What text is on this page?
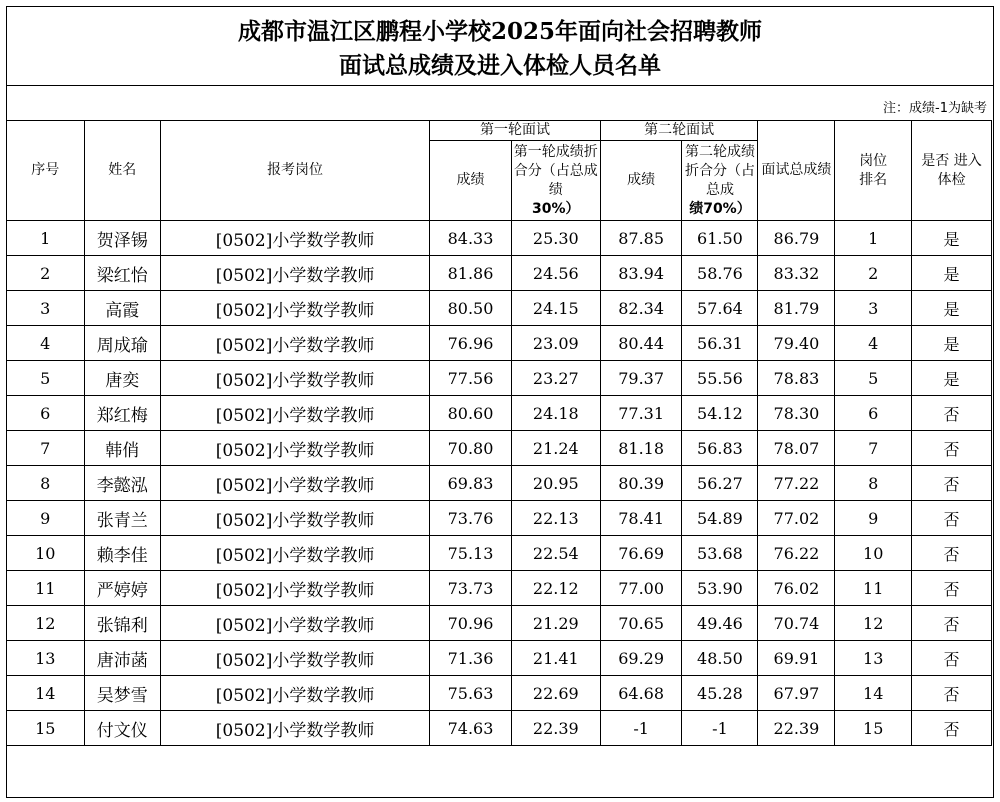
成都市温江区鹏程小学校2025年面向社会招聘教师
面试总成绩及进入体检人员名单
注：成绩-1为缺考
序号	姓名	报考岗位	第一轮面试		第二轮面试		面试总成绩	岗位排名	是否 进入体检
			成绩	第一轮成绩折合分（占总成绩
30%）	成绩	第二轮成绩折合分（占总成
绩70%）			
1	贺泽锡	[0502]小学数学教师	84.33	25.30	87.85	61.50	86.79	1	是
2	梁红怡	[0502]小学数学教师	81.86	24.56	83.94	58.76	83.32	2	是
3	高霞	[0502]小学数学教师	80.50	24.15	82.34	57.64	81.79	3	是
4	周成瑜	[0502]小学数学教师	76.96	23.09	80.44	56.31	79.40	4	是
5	唐奕	[0502]小学数学教师	77.56	23.27	79.37	55.56	78.83	5	是
6	郑红梅	[0502]小学数学教师	80.60	24.18	77.31	54.12	78.30	6	否
7	韩俏	[0502]小学数学教师	70.80	21.24	81.18	56.83	78.07	7	否
8	李懿泓	[0502]小学数学教师	69.83	20.95	80.39	56.27	77.22	8	否
9	张青兰	[0502]小学数学教师	73.76	22.13	78.41	54.89	77.02	9	否
10	赖李佳	[0502]小学数学教师	75.13	22.54	76.69	53.68	76.22	10	否
11	严婷婷	[0502]小学数学教师	73.73	22.12	77.00	53.90	76.02	11	否
12	张锦利	[0502]小学数学教师	70.96	21.29	70.65	49.46	70.74	12	否
13	唐沛菡	[0502]小学数学教师	71.36	21.41	69.29	48.50	69.91	13	否
14	吴梦雪	[0502]小学数学教师	75.63	22.69	64.68	45.28	67.97	14	否
15	付文仪	[0502]小学数学教师	74.63	22.39	-1	-1	22.39	15	否
